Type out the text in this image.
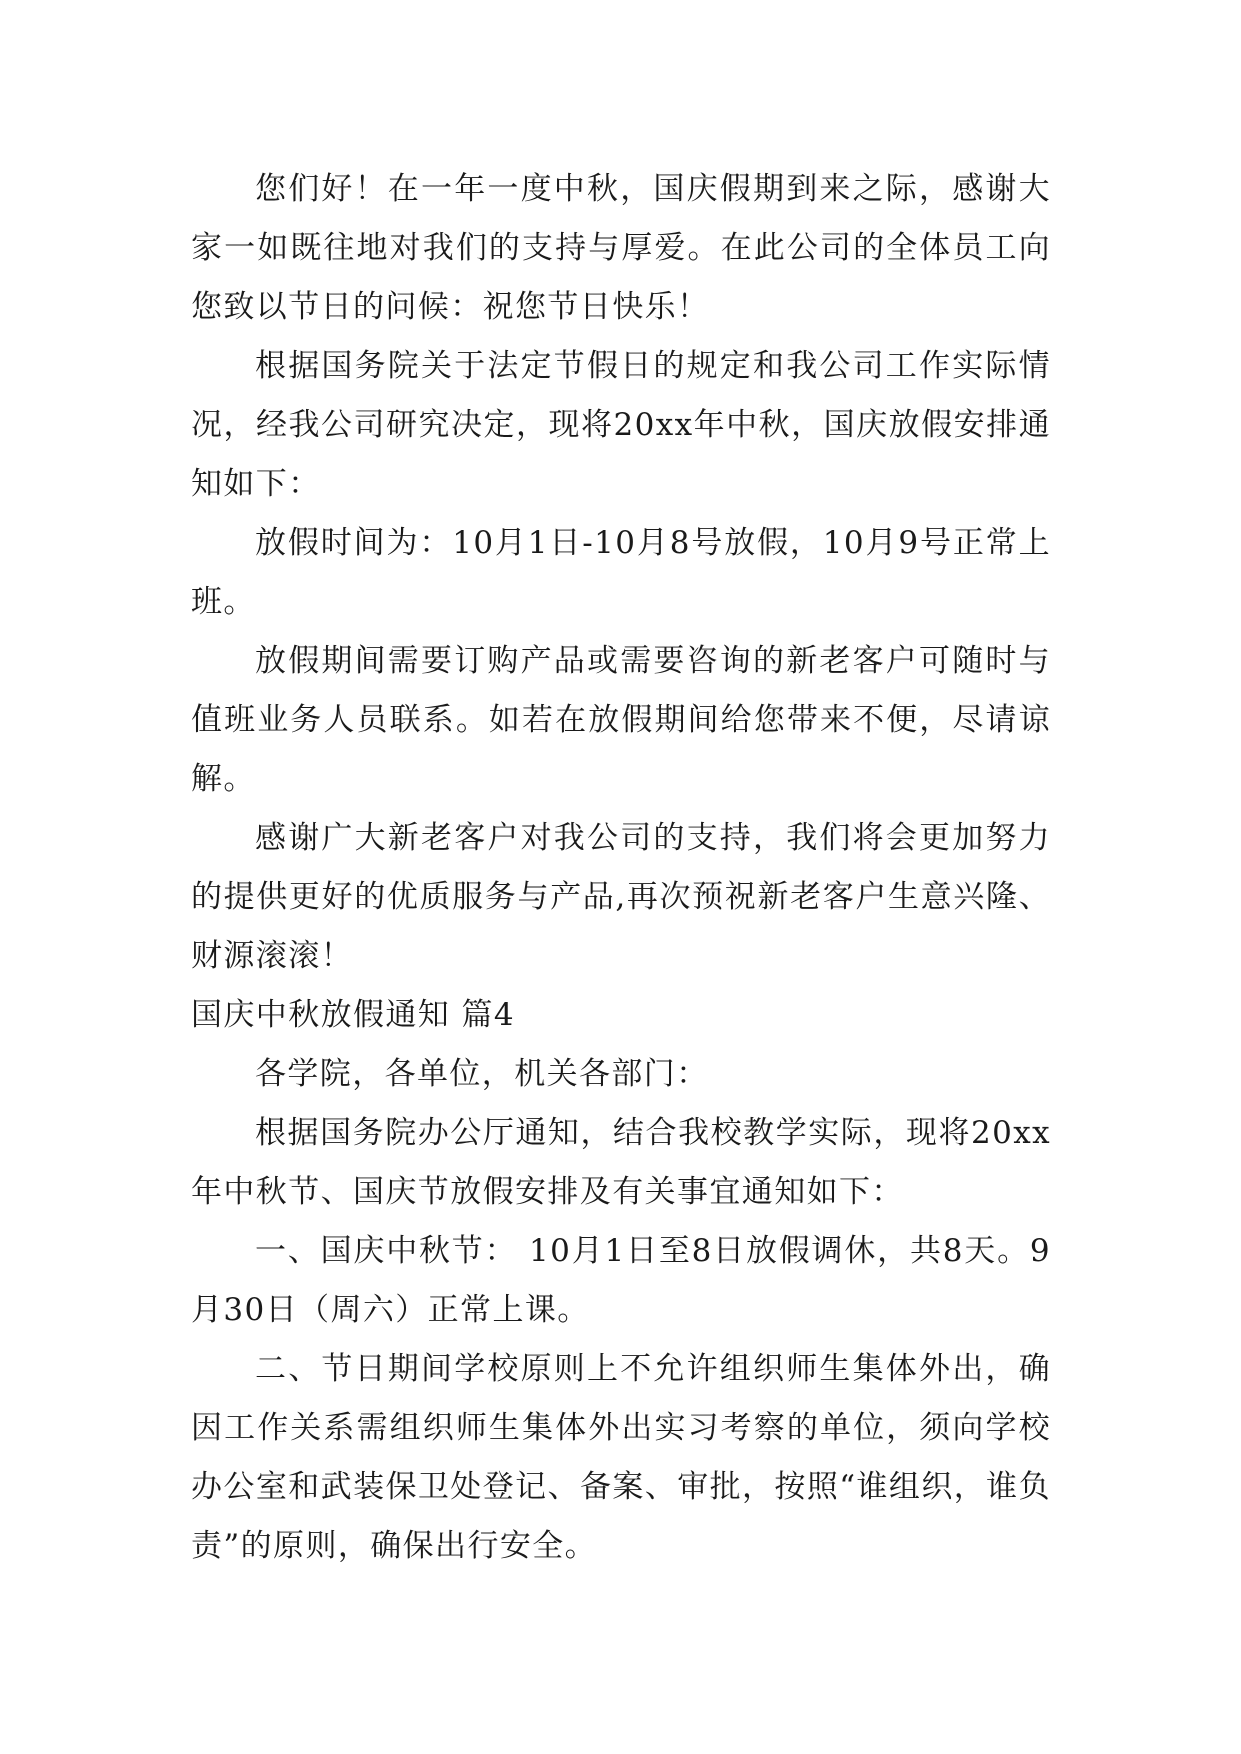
您们好！在一年一度中秋，国庆假期到来之际，感谢大家一如既往地对我们的支持与厚爱。在此公司的全体员工向您致以节日的问候：祝您节日快乐！

根据国务院关于法定节假日的规定和我公司工作实际情况，经我公司研究决定，现将20xx年中秋，国庆放假安排通知如下：

放假时间为：10月1日-10月8号放假，10月9号正常上班。

放假期间需要订购产品或需要咨询的新老客户可随时与值班业务人员联系。如若在放假期间给您带来不便，尽请谅解。

感谢广大新老客户对我公司的支持，我们将会更加努力的提供更好的优质服务与产品,再次预祝新老客户生意兴隆、财源滚滚！

国庆中秋放假通知 篇4

各学院，各单位，机关各部门：

根据国务院办公厅通知，结合我校教学实际，现将20xx年中秋节、国庆节放假安排及有关事宜通知如下：

一、国庆中秋节： 10月1日至8日放假调休，共8天。9月30日（周六）正常上课。

二、节日期间学校原则上不允许组织师生集体外出，确因工作关系需组织师生集体外出实习考察的单位，须向学校办公室和武装保卫处登记、备案、审批，按照“谁组织，谁负责”的原则，确保出行安全。
